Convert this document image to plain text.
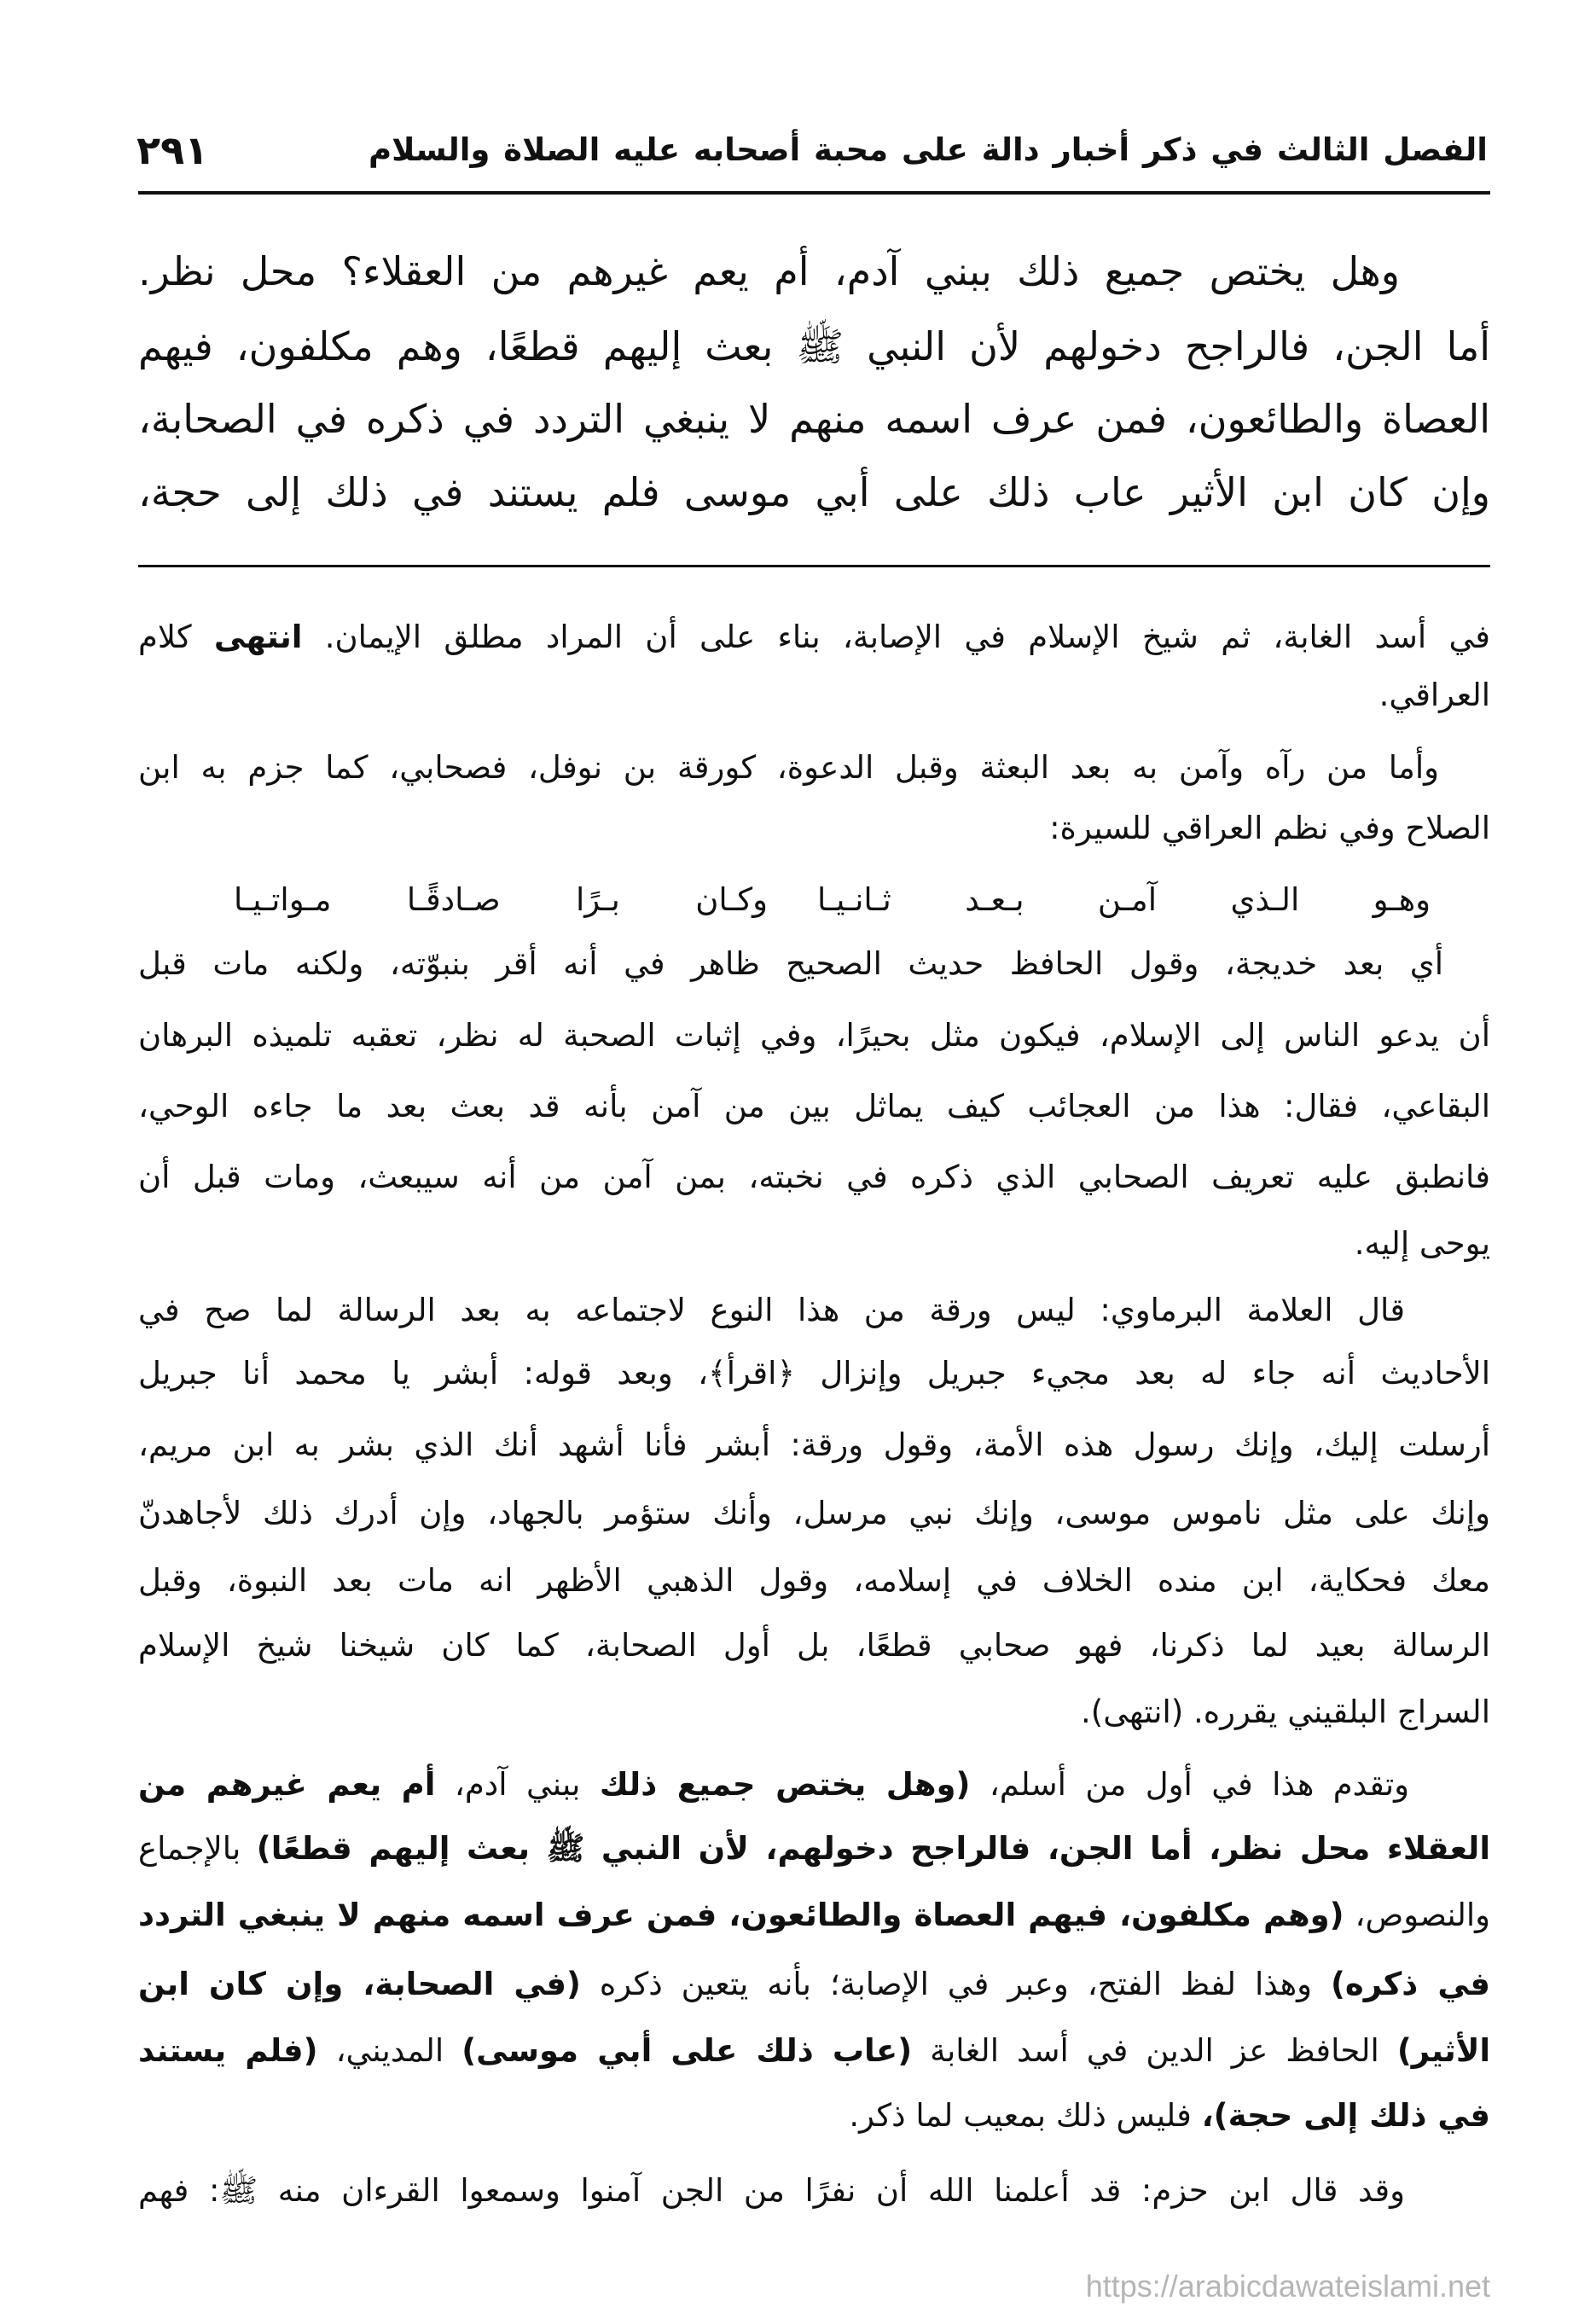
الفصل الثالث في ذكر أخبار دالة على محبة أصحابه عليه الصلاة والسلام
٢٩١
وهل يختص جميع ذلك ببني آدم، أم يعم غيرهم من العقلاء؟ محل نظر.
أما الجن، فالراجح دخولهم لأن النبي ﷺ بعث إليهم قطعًا، وهم مكلفون، فيهم
العصاة والطائعون، فمن عرف اسمه منهم لا ينبغي التردد في ذكره في الصحابة،
وإن كان ابن الأثير عاب ذلك على أبي موسى فلم يستند في ذلك إلى حجة،
في أسد الغابة، ثم شيخ الإسلام في الإصابة، بناء على أن المراد مطلق الإيمان. انتهى كلام
العراقي.
وأما من رآه وآمن به بعد البعثة وقبل الدعوة، كورقة بن نوفل، فصحابي، كما جزم به ابن
الصلاح وفي نظم العراقي للسيرة:
وهـو الـذي آمـن بـعـد ثـانـيـا
وكـان بـرًا صـادقًـا مـواتـيـا
أي بعد خديجة، وقول الحافظ حديث الصحيح ظاهر في أنه أقر بنبوّته، ولكنه مات قبل
أن يدعو الناس إلى الإسلام، فيكون مثل بحيرًا، وفي إثبات الصحبة له نظر، تعقبه تلميذه البرهان
البقاعي، فقال: هذا من العجائب كيف يماثل بين من آمن بأنه قد بعث بعد ما جاءه الوحي،
فانطبق عليه تعريف الصحابي الذي ذكره في نخبته، بمن آمن من أنه سيبعث، ومات قبل أن
يوحى إليه.
قال العلامة البرماوي: ليس ورقة من هذا النوع لاجتماعه به بعد الرسالة لما صح في
الأحاديث أنه جاء له بعد مجيء جبريل وإنزال ﴿اقرأ﴾، وبعد قوله: أبشر يا محمد أنا جبريل
أرسلت إليك، وإنك رسول هذه الأمة، وقول ورقة: أبشر فأنا أشهد أنك الذي بشر به ابن مريم،
وإنك على مثل ناموس موسى، وإنك نبي مرسل، وأنك ستؤمر بالجهاد، وإن أدرك ذلك لأجاهدنّ
معك فحكاية، ابن منده الخلاف في إسلامه، وقول الذهبي الأظهر انه مات بعد النبوة، وقبل
الرسالة بعيد لما ذكرنا، فهو صحابي قطعًا، بل أول الصحابة، كما كان شيخنا شيخ الإسلام
السراج البلقيني يقرره. (انتهى).
وتقدم هذا في أول من أسلم، (وهل يختص جميع ذلك ببني آدم، أم يعم غيرهم من
العقلاء محل نظر، أما الجن، فالراجح دخولهم، لأن النبي ﷺ بعث إليهم قطعًا) بالإجماع
والنصوص، (وهم مكلفون، فيهم العصاة والطائعون، فمن عرف اسمه منهم لا ينبغي التردد
في ذكره) وهذا لفظ الفتح، وعبر في الإصابة؛ بأنه يتعين ذكره (في الصحابة، وإن كان ابن
الأثير) الحافظ عز الدين في أسد الغابة (عاب ذلك على أبي موسى) المديني، (فلم يستند
في ذلك إلى حجة)، فليس ذلك بمعيب لما ذكر.
وقد قال ابن حزم: قد أعلمنا الله أن نفرًا من الجن آمنوا وسمعوا القرءان منه ﷺ: فهم
https://arabicdawateislami.net
